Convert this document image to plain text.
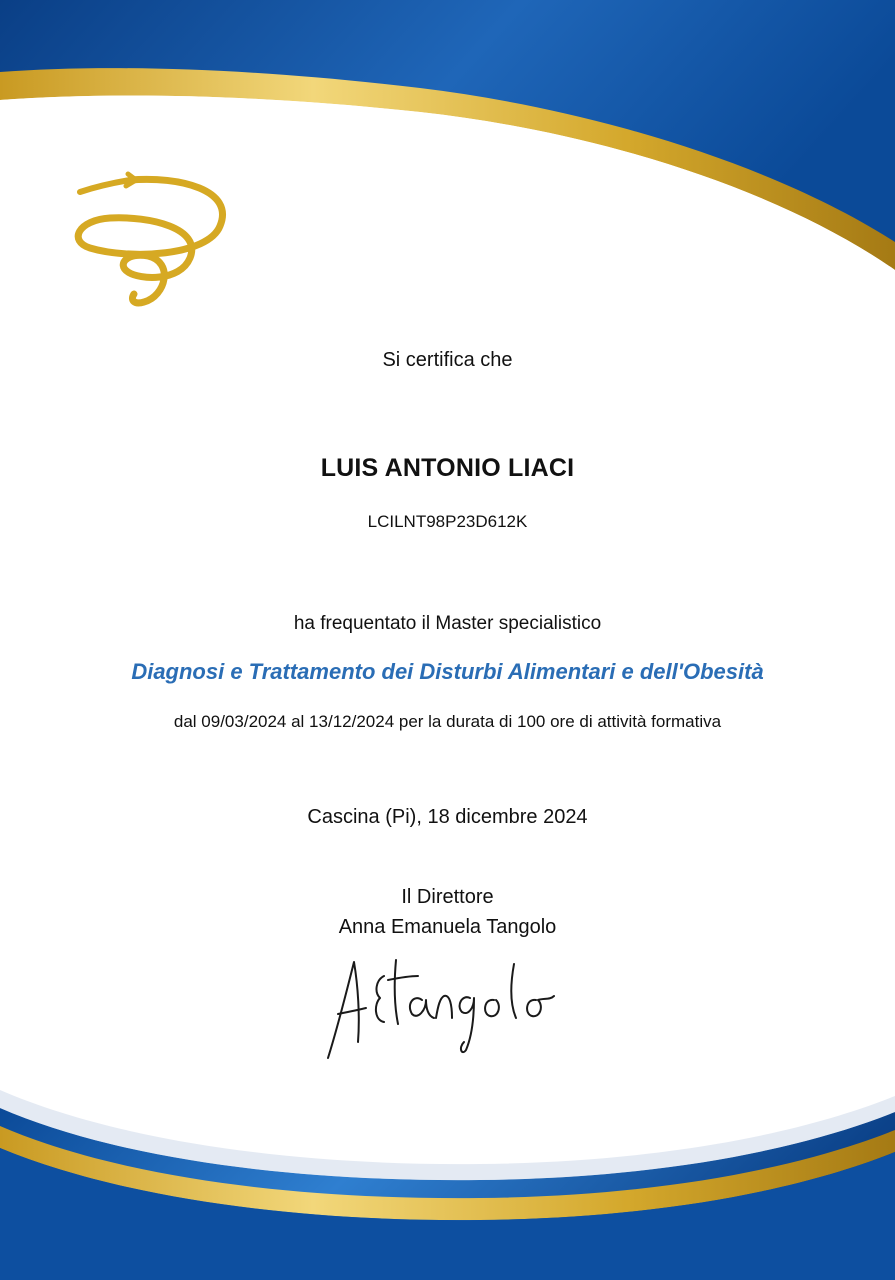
Si certifica che
LUIS ANTONIO LIACI
LCILNT98P23D612K
ha frequentato il Master specialistico
Diagnosi e Trattamento dei Disturbi Alimentari e dell'Obesità
dal 09/03/2024 al 13/12/2024 per la durata di 100 ore di attività formativa
Cascina (Pi), 18 dicembre 2024
Il Direttore
Anna Emanuela Tangolo
